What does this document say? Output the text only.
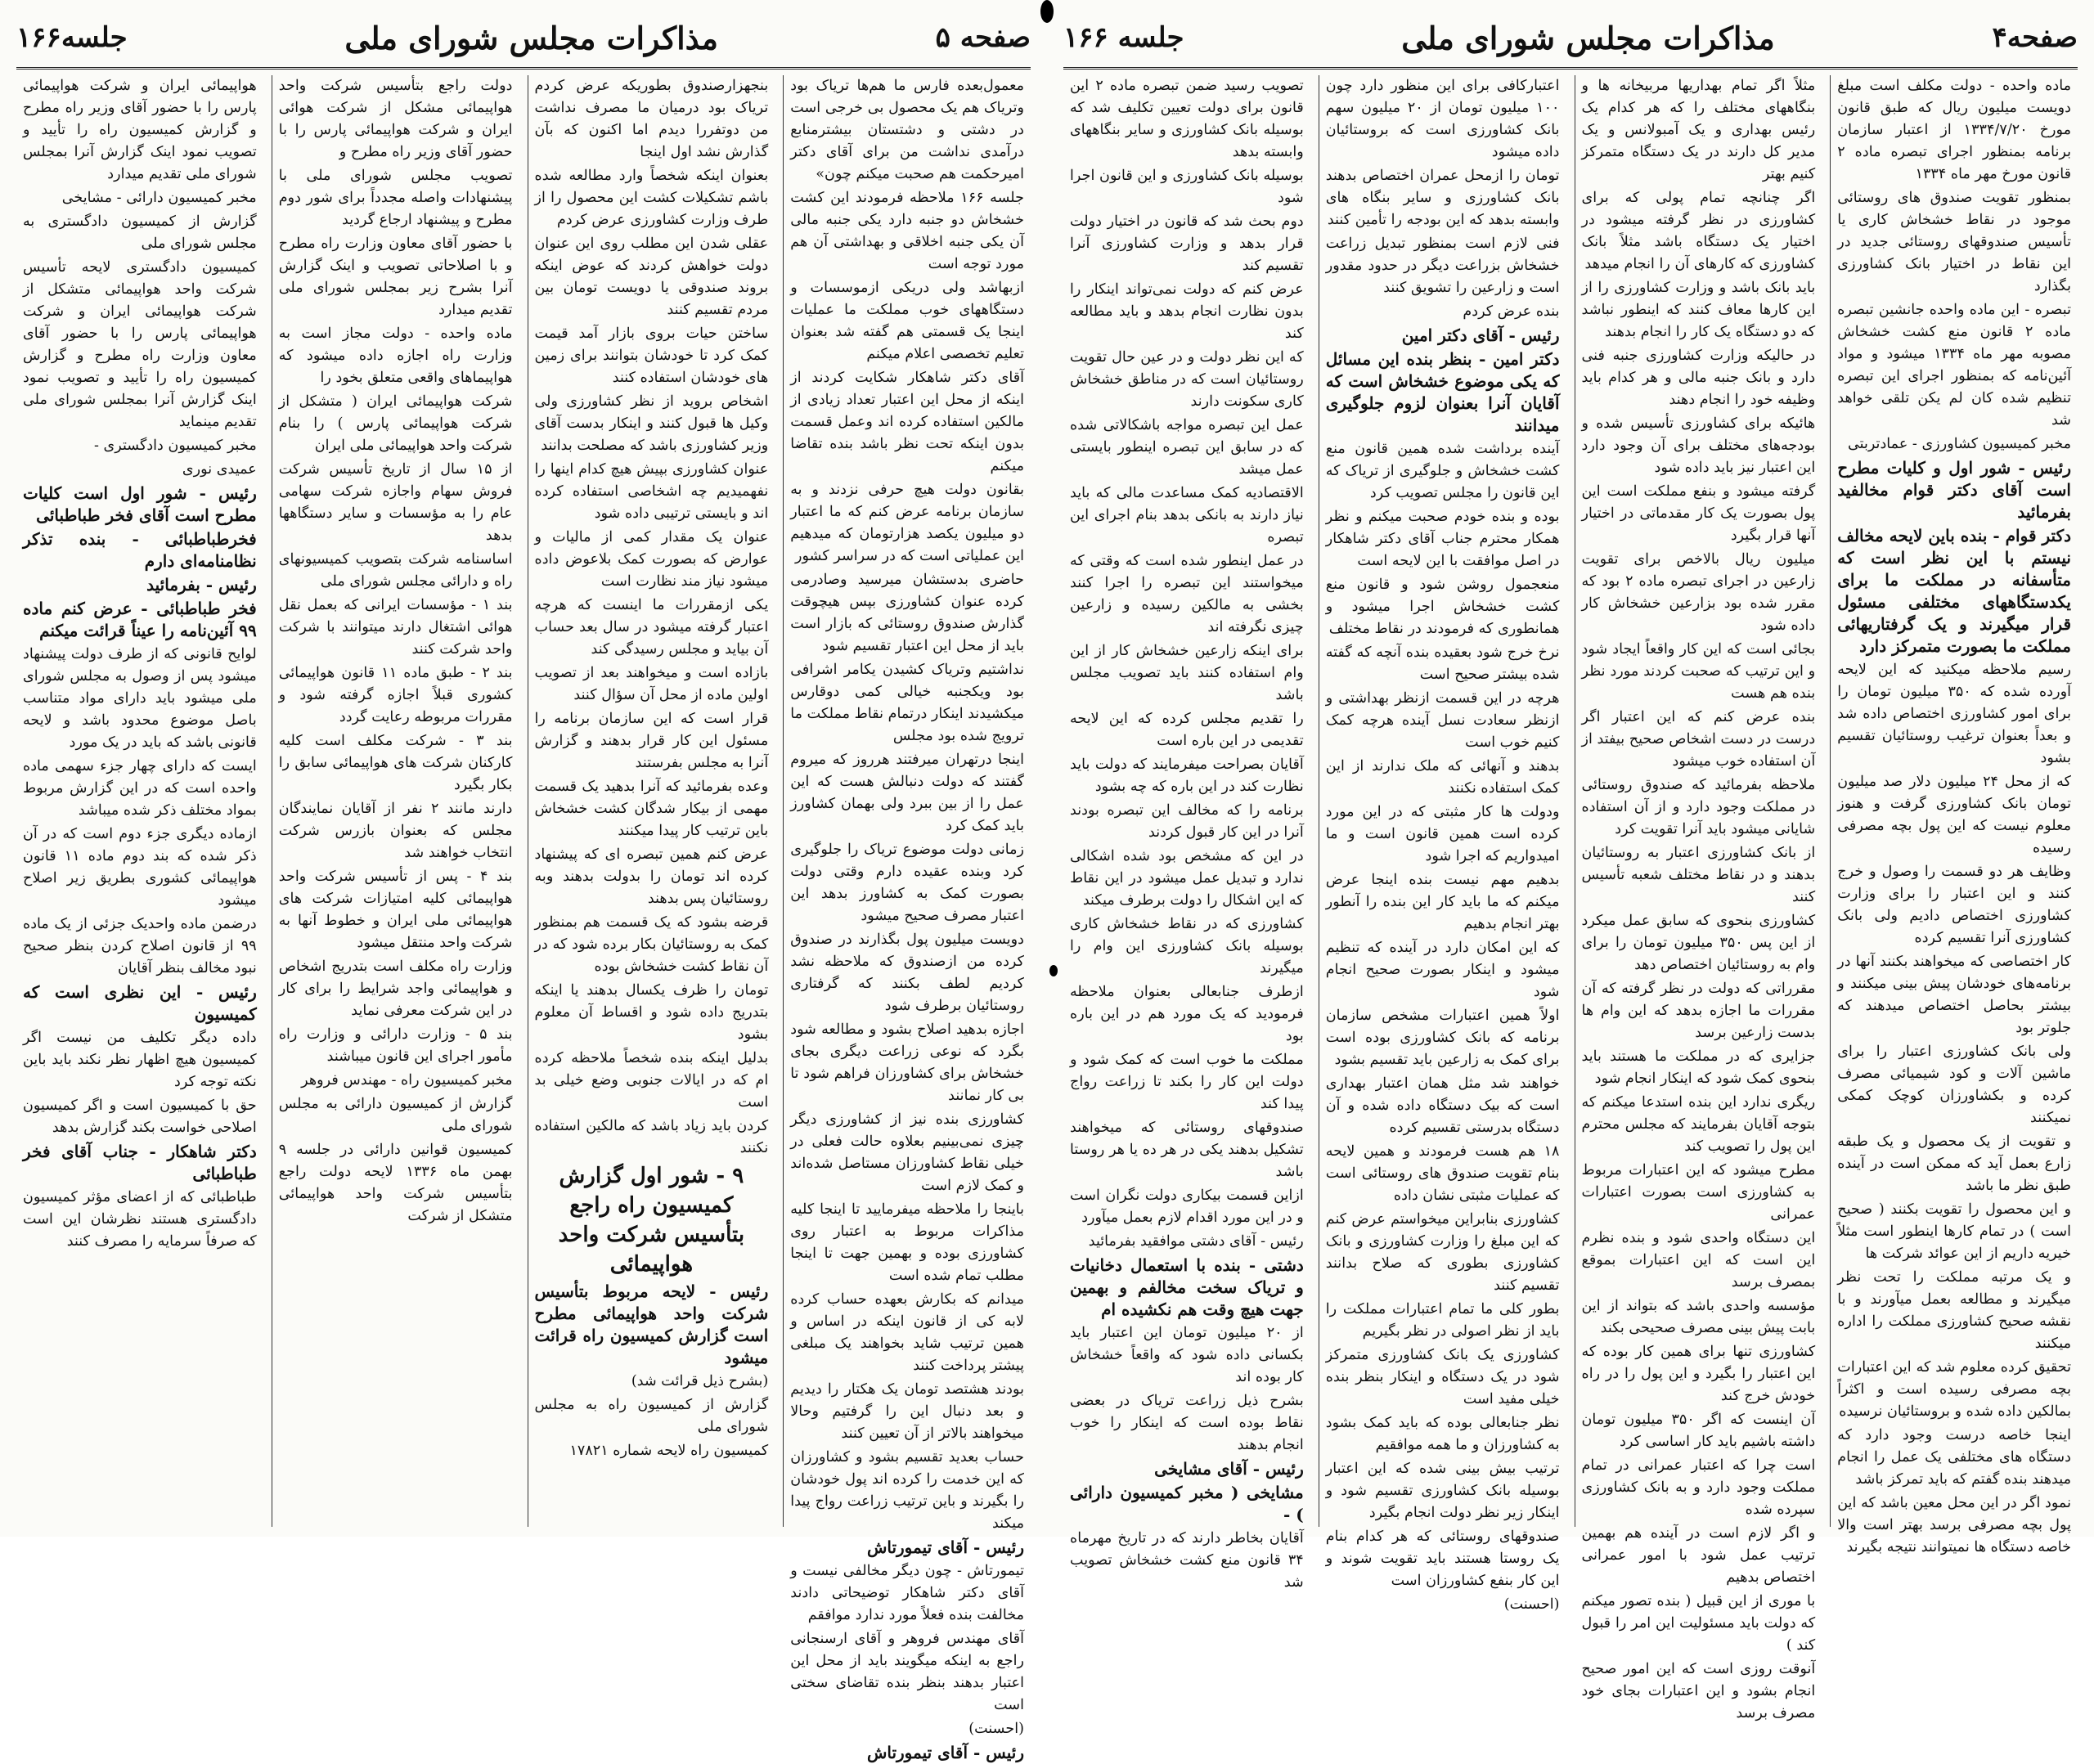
صفحه ۵
مذاکرات مجلس شورای ملی
جلسه۱۶۶

معمول‌بعده فارس ما هم‌ها تریاک بود وتریاک هم یک محصول بی خرجی است در دشتی و دشتستان بیشترمنابع درآمدی نداشت من برای آقای دکتر امیرحکمت هم صحبت میکنم چون»

جلسه ۱۶۶ ملاحظه فرمودند این کشت خشخاش دو جنبه دارد یکی جنبه مالی آن یکی جنبه اخلاقی و بهداشتی آن هم مورد توجه است

ازبهاشد ولی دریکی ازموسسات و دستگاههای خوب مملکت ما عملیات اینجا یک قسمتی هم گفته شد بعنوان تعلیم تخصصی اعلام میکنم

آقای دکتر شاهکار شکایت کردند از اینکه از محل این اعتبار تعداد زیادی از مالکین استفاده کرده اند وعمل قسمت بدون اینکه تحت نظر باشد بنده تقاضا میکنم

بقانون دولت هیچ حرفی نزدند و به سازمان برنامه عرض کنم که ما اعتبار دو میلیون یکصد هزارتومان که میدهیم این عملیاتی است که در سراسر کشور

حاضری بدستشان میرسید وصادرمی کرده عنوان کشاورزی بپس هیچوقت گذارش صندوق روستائی که بازار است باید از محل این اعتبار تقسیم شود

نداشتیم وتریاک کشیدن یکامر اشرافی بود ویکجنبه خیالی کمی دوقارس میکشیدند اینکار درتمام نقاط مملکت ما ترویج شده بود مجلس

اینجا درتهران میرفتند هرروز که میروم گفتند که دولت دنبالش هست که این عمل را از بین ببرد ولی بهمان کشاورز باید کمک کرد

زمانی دولت موضوع تریاک را جلوگیری کرد وبنده عقیده دارم وقتی دولت بصورت کمک به کشاورز بدهد این اعتبار مصرف صحیح میشود

دویست میلیون پول بگذارند در صندوق کرده من ازصندوق که ملاحظه نشد کردیم لطف بکنند که گرفتاری روستائیان برطرف شود

اجازه بدهید اصلاح بشود و مطالعه شود بگرد که نوعی زراعت دیگری بجای خشخاش برای کشاورزان فراهم شود تا بی کار نمانند

کشاورزی بنده نیز از کشاورزی دیگر چیزی نمی‌بینیم بعلاوه حالت فعلی در خیلی نقاط کشاورزان مستاصل شده‌اند و کمک لازم است

باینجا را ملاحظه میفرمایید تا اینجا کلیه مذاکرات مربوط به اعتبار روی کشاورزی بوده و بهمین جهت تا اینجا مطلب تمام شده است

میدانم که بکارش بعهده حساب کرده لابه کی از قانون اینکه در اساس و همین ترتیب شاید بخواهند یک مبلغی پیشتر پرداخت کنند

بودند هشتصد تومان یک هکتار را دیدیم و بعد دنبال این را گرفتیم وحالا میخواهند بالاتر از آن تعیین کنند

حساب بعدید تقسیم بشود و کشاورزان که این خدمت را کرده اند پول خودشان را بگیرند و باین ترتیب زراعت رواج پیدا میکند

رئیس - آقای تیمورتاش

تیمورتاش - چون دیگر مخالفی نیست و آقای دکتر شاهکار توضیحاتی دادند مخالفت بنده فعلاً مورد ندارد موافقم

آقای مهندس فروهر و آقای ارسنجانی راجع به اینکه میگویند باید از محل این اعتبار بدهند بنظر بنده تقاضای سختی است

(احسنت)

رئیس - آقای تیمورتاش

بنجهزارصندوق بطوریکه عرض کردم تریاک بود درمیان ما مصرف نداشت من دوتفررا دیدم اما اکنون که بآن گذارش نشد اول اینجا

بعنوان اینکه شخصاً وارد مطالعه شده باشم تشکیلات کشت این محصول را از طرف وزارت کشاورزی عرض کردم

عقلی شدن این مطلب روی این عنوان دولت خواهش کردند که عوض اینکه بروند صندوقی یا دویست تومان بین مردم تقسیم کنند

ساختن حیات بروی بازار آمد قیمت کمک کرد تا خودشان بتوانند برای زمین های خودشان استفاده کنند

اشخاص بروید از نظر کشاورزی ولی وکیل ها قبول کنند و اینکار بدست آقای وزیر کشاورزی باشد که مصلحت بدانند

عنوان کشاورزی بپیش هیچ کدام اینها را نفهمیدیم چه اشخاصی استفاده کرده اند و بایستی ترتیبی داده شود

عنوان یک مقدار کمی از مالیات و عوارض که بصورت کمک بلاعوض داده میشود نیاز مند نظارت است

یکی ازمقررات ما اینست که هرچه اعتبار گرفته میشود در سال بعد حساب آن بیاید و مجلس رسیدگی کند

بازاده است و میخواهند بعد از تصویب اولین ماده از محل آن سؤال کنند

قرار است که این سازمان برنامه را مسئول این کار قرار بدهند و گزارش آنرا به مجلس بفرستند

وعده بفرمائید که آنرا بدهید یک قسمت مهمی از بیکار شدگان کشت خشخاش باین ترتیب کار پیدا میکنند

عرض کنم همین تبصره ای که پیشنهاد کرده اند تومان را بدولت بدهند وبه روستائیان پس بدهند

قرضه بشود که یک قسمت هم بمنظور کمک به روستائیان بکار برده شود که در آن نقاط کشت خشخاش بوده

تومان را ظرف یکسال بدهند یا اینکه بتدریج داده شود و اقساط آن معلوم بشود

بدلیل اینکه بنده شخصاً ملاحظه کرده ام که در ایالات جنوبی وضع خیلی بد است

کردن باید زیاد باشد که مالکین استفاده نکنند

۹ - شور اول گزارش کمیسیون راه راجع بتأسیس شرکت واحد هواپیمائی

رئیس - لایحه مربوط بتأسیس شرکت واحد هواپیمائی مطرح است گزارش کمیسیون راه قرائت میشود

(بشرح ذیل قرائت شد)

گزارش از کمیسیون راه به مجلس شورای ملی

کمیسیون راه لایحه شماره ۱۷۸۲۱

دولت راجع بتأسیس شرکت واحد هواپیمائی مشکل از شرکت هوائی ایران و شرکت هواپیمائی پارس را با حضور آقای وزیر راه مطرح و

تصویب مجلس شورای ملی با پیشنهادات واصله مجدداً برای شور دوم مطرح و پیشنهاد ارجاع گردید

با حضور آقای معاون وزارت راه مطرح و با اصلاحاتی تصویب و اینک گزارش آنرا بشرح زیر بمجلس شورای ملی تقدیم میدارد

ماده واحده - دولت مجاز است به وزارت راه اجازه داده میشود که هواپیماهای واقعی متعلق بخود را

شرکت هواپیمائی ایران ( متشکل از شرکت هواپیمائی پارس ) را بنام شرکت واحد هواپیمائی ملی ایران

از ۱۵ سال از تاریخ تأسیس شرکت فروش سهام واجازه شرکت سهامی عام را به مؤسسات و سایر دستگاهها بدهد

اساسنامه شرکت بتصویب کمیسیونهای راه و دارائی مجلس شورای ملی

بند ۱ - مؤسسات ایرانی که بعمل نقل هوائی اشتغال دارند میتوانند با شرکت واحد شرکت کنند

بند ۲ - طبق ماده ۱۱ قانون هواپیمائی کشوری قبلاً اجازه گرفته شود و مقررات مربوطه رعایت گردد

بند ۳ - شرکت مکلف است کلیه کارکنان شرکت های هواپیمائی سابق را بکار بگیرد

دارند مانند ۲ نفر از آقایان نمایندگان مجلس که بعنوان بازرس شرکت انتخاب خواهند شد

بند ۴ - پس از تأسیس شرکت واحد هواپیمائی کلیه امتیازات شرکت های هواپیمائی ملی ایران و خطوط آنها به شرکت واحد منتقل میشود

وزارت راه مکلف است بتدریج اشخاص و هواپیمائی واجد شرایط را برای کار در این شرکت معرفی نماید

بند ۵ - وزارت دارائی و وزارت راه مأمور اجرای این قانون میباشند

مخبر کمیسیون راه - مهندس فروهر

گزارش از کمیسیون دارائی به مجلس شورای ملی

کمیسیون قوانین دارائی در جلسه ۹ بهمن ماه ۱۳۳۶ لایحه دولت راجع بتأسیس شرکت واحد هواپیمائی متشکل از شرکت

هواپیمائی ایران و شرکت هواپیمائی پارس را با حضور آقای وزیر راه مطرح و گزارش کمیسیون راه را تأیید و تصویب نمود اینک گزارش آنرا بمجلس شورای ملی تقدیم میدارد

مخبر کمیسیون دارائی - مشایخی

گزارش از کمیسیون دادگستری به مجلس شورای ملی

کمیسیون دادگستری لایحه تأسیس شرکت واحد هواپیمائی متشکل از شرکت هواپیمائی ایران و شرکت هواپیمائی پارس را با حضور آقای معاون وزارت راه مطرح و گزارش کمیسیون راه را تأیید و تصویب نمود اینک گزارش آنرا بمجلس شورای ملی تقدیم مینماید

مخبر کمیسیون دادگستری -

عمیدی نوری

رئیس - شور اول است کلیات مطرح است آقای فخر طباطبائی

فخرطباطبائی - بنده تذکر نظامنامه‌ای دارم

رئیس - بفرمائید

فخر طباطبائی - عرض کنم ماده ۹۹ آئین‌نامه را عیناً قرائت میکنم

لوایح قانونی که از طرف دولت پیشنهاد میشود پس از وصول به مجلس شورای ملی میشود باید دارای مواد متناسب باصل موضوع محدود باشد و لایحه قانونی باشد که باید در یک مورد

ایست که دارای چهار جزء سهمی ماده واحده است که در این گزارش مربوط بمواد مختلف ذکر شده میباشد

ازماده دیگری جزء دوم است که در آن ذکر شده که بند دوم ماده ۱۱ قانون هواپیمائی کشوری بطریق زیر اصلاح میشود

درضمن ماده واحدیک جزئی از یک ماده ۹۹ از قانون اصلاح کردن بنظر صحیح نبود مخالف بنظر آقایان

رئیس - این نظری است که کمیسیون

داده دیگر تکلیف من نیست اگر کمیسیون هیچ اظهار نظر نکند باید باین نکته توجه کرد

حق با کمیسیون است و اگر کمیسیون اصلاحی خواست بکند گزارش بدهد

دکتر شاهکار - جناب آقای فخر طباطبائی

طباطبائی که از اعضای مؤثر کمیسیون دادگستری هستند نظرشان این است که صرفاً سرمایه را مصرف کنند

صفحه۴
مذاکرات مجلس شورای ملی
جلسه ۱۶۶

ماده واحده - دولت مکلف است مبلغ دویست میلیون ریال که طبق قانون مورخ ۱۳۳۴/۷/۲۰ از اعتبار سازمان برنامه بمنظور اجرای تبصره ماده ۲ قانون مورخ مهر ماه ۱۳۳۴

بمنظور تقویت صندوق های روستائی موجود در نقاط خشخاش کاری یا تأسیس صندوقهای روستائی جدید در این نقاط در اختیار بانک کشاورزی بگذارد

تبصره - این ماده واحده جانشین تبصره ماده ۲ قانون منع کشت خشخاش مصوبه مهر ماه ۱۳۳۴ میشود و مواد آئین‌نامه که بمنظور اجرای این تبصره تنظیم شده کان لم یکن تلقی خواهد شد

مخبر کمیسیون کشاورزی - عمادتربتی

رئیس - شور اول و کلیات مطرح است آقای دکتر قوام مخالفید بفرمائید

دکتر قوام - بنده باین لایحه مخالف نیستم با این نظر است که متأسفانه در مملکت ما برای یکدستگاههای مختلفی مسئول قرار میگیرند و یک گرفتاریهائی مملکت ما بصورت متمرکز دارد

رسیم ملاحظه میکنید که این لایحه آورده شده که ۳۵۰ میلیون تومان را برای امور کشاورزی اختصاص داده شد و بعداً بعنوان ترغیب روستائیان تقسیم بشود

که از محل ۲۴ میلیون دلار صد میلیون تومان بانک کشاورزی گرفت و هنوز معلوم نیست که این پول بچه مصرفی رسیده

وظایف هر دو قسمت را وصول و خرج کنند و این اعتبار را برای وزارت کشاورزی اختصاص دادیم ولی بانک کشاورزی آنرا تقسیم کرده

کار اختصاصی که میخواهند بکنند آنها در برنامه‌های خودشان پیش بینی میکنند و بیشتر بحاصل اختصاص میدهند که جلوتر بود

ولی بانک کشاورزی اعتبار را برای ماشین آلات و کود شیمیائی مصرف کرده و بکشاورزان کوچک کمکی نمیکنند

و تقویت از یک محصول و یک طبقه زارع بعمل آید که ممکن است در آینده طبق نظر ما باشد

و این محصول را تقویت بکنند ( صحیح است ) در تمام کارها اینطور است مثلاً خیریه داریم از این عوائد شرکت ها

و یک مرتبه مملکت را تحت نظر میگیرند و مطالعه بعمل میآورند و با نقشه صحیح کشاورزی مملکت را اداره میکنند

تحقیق کرده معلوم شد که این اعتبارات بچه مصرفی رسیده است و اکثراً بمالکین داده شده و بروستائیان نرسیده

اینجا خاصه درست وجود دارد که دستگاه های مختلفی یک عمل را انجام میدهند بنده گفتم که باید تمرکز باشد

نمود اگر در این محل معین باشد که این پول بچه مصرفی برسد بهتر است والا خاصه دستگاه ها نمیتوانند نتیجه بگیرند

مثلاً اگر تمام بهداریها مربیخانه ها و بنگاههای مختلف را که هر کدام یک رئیس بهداری و یک آمبولانس و یک مدیر کل دارند در یک دستگاه متمرکز کنیم بهتر

اگر چنانچه تمام پولی که برای کشاورزی در نظر گرفته میشود در اختیار یک دستگاه باشد مثلاً بانک کشاورزی که کارهای آن را انجام میدهد

باید بانک باشد و وزارت کشاورزی را از این کارها معاف کنند که اینطور نباشد که دو دستگاه یک کار را انجام بدهند

در حالیکه وزارت کشاورزی جنبه فنی دارد و بانک جنبه مالی و هر کدام باید وظیفه خود را انجام دهند

هائیکه برای کشاورزی تأسیس شده و بودجه‌های مختلف برای آن وجود دارد این اعتبار نیز باید داده شود

گرفته میشود و بنفع مملکت است این پول بصورت یک کار مقدماتی در اختیار آنها قرار بگیرد

میلیون ریال بالاخص برای تقویت زارعین در اجرای تبصره ماده ۲ بود که مقرر شده بود بزارعین خشخاش کار داده شود

بجائی است که این کار واقعاً ایجاد شود و این ترتیب که صحبت کردند مورد نظر بنده هم هست

بنده عرض کنم که این اعتبار اگر درست در دست اشخاص صحیح بیفتد از آن استفاده خوب میشود

ملاحظه بفرمائید که صندوق روستائی در مملکت وجود دارد و از آن استفاده شایانی میشود باید آنرا تقویت کرد

از بانک کشاورزی اعتبار به روستائیان بدهند و در نقاط مختلف شعبه تأسیس کنند

کشاورزی بنحوی که سابق عمل میکرد از این پس ۳۵۰ میلیون تومان را برای وام به روستائیان اختصاص دهد

مقرراتی که دولت در نظر گرفته که آن مقررات ما اجازه بدهد که این وام ها بدست زارعین برسد

جزایری که در مملکت ما هستند باید بنحوی کمک شود که اینکار انجام شود

ریگری ندارد این بنده استدعا میکنم که بتوجه آقایان بفرمایند که مجلس محترم این پول را تصویب کند

مطرح میشود که این اعتبارات مربوط به کشاورزی است بصورت اعتبارات عمرانی

این دستگاه واحدی شود و بنده نظرم این است که این اعتبارات بموقع بمصرف برسد

مؤسسه واحدی باشد که بتواند از این بابت پیش بینی مصرف صحیحی بکند

کشاورزی تنها برای همین کار بوده که این اعتبار را بگیرد و این پول را در راه خودش خرج کند

آن اینست که اگر ۳۵۰ میلیون تومان داشته باشیم باید کار اساسی کرد

است چرا که اعتبار عمرانی در تمام مملکت وجود دارد و به بانک کشاورزی سپرده شده

و اگر لازم است در آینده هم بهمین ترتیب عمل شود با امور عمرانی اختصاص بدهیم

با موری از این قبیل ( بنده تصور میکنم که دولت باید مسئولیت این امر را قبول کند )

آنوقت روزی است که این امور صحیح انجام بشود و این اعتبارات بجای خود مصرف برسد

اعتبارکافی برای این منظور دارد چون ۱۰۰ میلیون تومان از ۲۰ میلیون سهم بانک کشاورزی است که بروستائیان داده میشود

تومان را ازمحل عمران اختصاص بدهند بانک کشاورزی و سایر بنگاه های وابسته بدهد که این بودجه را تأمین کنند

فنی لازم است بمنظور تبدیل زراعت خشخاش بزراعت دیگر در حدود مقدور است و زارعین را تشویق کنند

بنده عرض کردم

رئیس - آقای دکتر امین

دکتر امین - بنظر بنده این مسائل که یکی موضوع خشخاش است که آقایان آنرا بعنوان لزوم جلوگیری میدانند

آینده برداشت شده همین قانون منع کشت خشخاش و جلوگیری از تریاک که این قانون را مجلس تصویب کرد

بوده و بنده خودم صحبت میکنم و نظر همکار محترم جناب آقای دکتر شاهکار در اصل موافقت با این لایحه است

منعجمول روشن شود و قانون منع کشت خشخاش اجرا میشود و همانطوری که فرمودند در نقاط مختلف

نرخ خرج شود بعقیده بنده آنچه که گفته شده بیشتر صحیح است

هرچه در این قسمت ازنظر بهداشتی و ازنظر سعادت نسل آینده هرچه کمک کنیم خوب است

بدهند و آنهائی که ملک ندارند از این کمک استفاده نکنند

ودولت ها کار مثبتی که در این مورد کرده است همین قانون است و ما امیدواریم که اجرا شود

بدهیم مهم نیست بنده اینجا عرض میکنم که ما باید کار این بنده را آنطور بهتر انجام بدهیم

که این امکان دارد در آینده که تنظیم میشود و اینکار بصورت صحیح انجام شود

اولاً همین اعتبارات مشخص سازمان برنامه که بانک کشاورزی بوده است برای کمک به زارعین باید تقسیم بشود

خواهند شد مثل همان اعتبار بهداری است که بیک دستگاه داده شده و آن دستگاه بدرستی تقسیم کرده

۱۸ هم هست فرمودند و همین لایحه بنام تقویت صندوق های روستائی است که عملیات مثبتی نشان داده

کشاورزی بنابراین میخواستم عرض کنم که این مبلغ را وزارت کشاورزی و بانک کشاورزی بطوری که صلاح بدانند تقسیم کنند

بطور کلی ما تمام اعتبارات مملکت را باید از نظر اصولی در نظر بگیریم

کشاورزی یک بانک کشاورزی متمرکز شود در یک دستگاه و اینکار بنظر بنده خیلی مفید است

نظر جنابعالی بوده که باید کمک بشود به کشاورزان و ما همه موافقیم

ترتیب بیش بینی شده که این اعتبار بوسیله بانک کشاورزی تقسیم شود و اینکار زیر نظر دولت انجام بگیرد

صندوقهای روستائی که هر کدام بنام یک روستا هستند باید تقویت شوند و این کار بنفع کشاورزان است

(احسنت)

تصویب رسید ضمن تبصره ماده ۲ این قانون برای دولت تعیین تکلیف شد که بوسیله بانک کشاورزی و سایر بنگاههای وابسته بدهد

بوسیله بانک کشاورزی و این قانون اجرا شود

دوم بحث شد که قانون در اختیار دولت قرار بدهد و وزارت کشاورزی آنرا تقسیم کند

عرض کنم که دولت نمی‌تواند اینکار را بدون نظارت انجام بدهد و باید مطالعه کند

که این نظر دولت و در عین حال تقویت روستائیان است که در مناطق خشخاش کاری سکونت دارند

عمل این تبصره مواجه باشکالاتی شده که در سابق این تبصره اینطور بایستی عمل میشد

الاقتصادیه کمک مساعدت مالی که باید نیاز دارند به بانکی بدهد بنام اجرای این تبصره

در عمل اینطور شده است که وقتی که میخواستند این تبصره را اجرا کنند بخشی به مالکین رسیده و زارعین چیزی نگرفته اند

برای اینکه زارعین خشخاش کار از این وام استفاده کنند باید تصویب مجلس باشد

را تقدیم مجلس کرده که این لایحه تقدیمی در این باره است

آقایان بصراحت میفرمایند که دولت باید نظارت کند در این باره که چه بشود

برنامه را که مخالف این تبصره بودند آنرا در این کار قبول کردند

در این که مشخص بود شده اشکالی ندارد و تبدیل عمل میشود در این نقاط که این اشکال را دولت برطرف میکند

کشاورزی که در نقاط خشخاش کاری بوسیله بانک کشاورزی این وام را میگیرند

ازطرف جنابعالی بعنوان ملاحظه فرمودید که یک مورد هم در این باره بود

مملکت ما خوب است که کمک شود و دولت این کار را بکند تا زراعت رواج پیدا کند

صندوقهای روستائی که میخواهند تشکیل بدهند یکی در هر ده یا هر روستا باشد

ازاین قسمت بیکاری دولت نگران است و در این مورد اقدام لازم بعمل میآورد

رئیس - آقای دشتی موافقید بفرمائید

دشتی - بنده با استعمال دخانیات و تریاک سخت مخالفم و بهمین جهت هیچ وقت هم نکشیده ام

از ۲۰ میلیون تومان این اعتبار باید بکسانی داده شود که واقعاً خشخاش کار بوده اند

بشرح ذیل زراعت تریاک در بعضی نقاط بوده است که اینکار را خوب انجام بدهند

رئیس - آقای مشایخی

مشایخی ( مخبر کمیسیون دارائی ) -

آقایان بخاطر دارند که در تاریخ مهرماه ۳۴ قانون منع کشت خشخاش تصویب شد
